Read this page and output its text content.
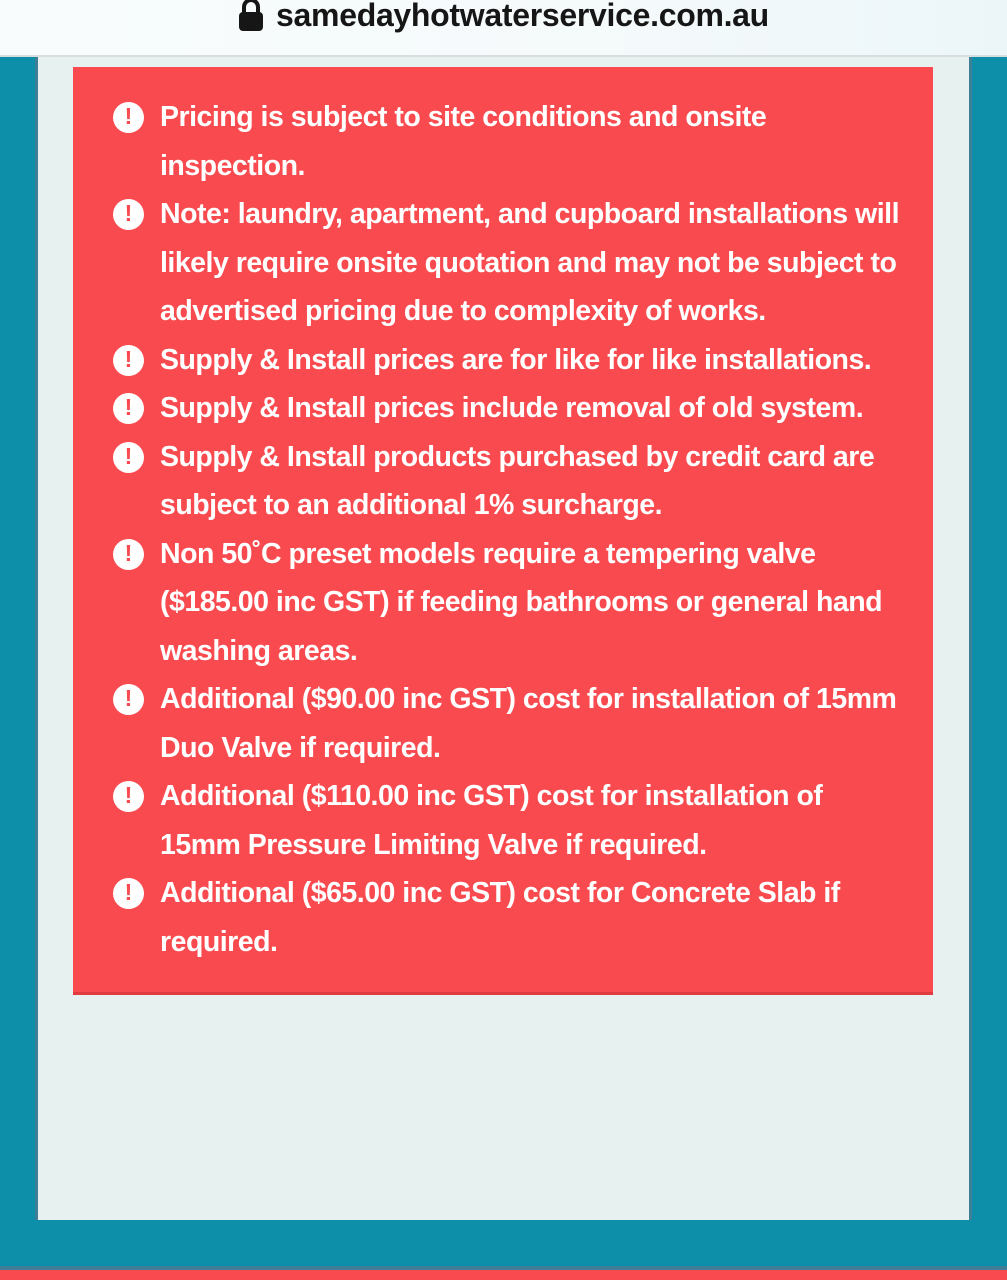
samedayhotwaterservice.com.au
!
Pricing is subject to site conditions and onsite inspection.
!
Note: laundry, apartment, and cupboard installations will likely require onsite quotation and may not be subject to advertised pricing due to complexity of works.
!
Supply & Install prices are for like for like installations.
!
Supply & Install prices include removal of old system.
!
Supply & Install products purchased by credit card are subject to an additional 1% surcharge.
!
Non 50˚C preset models require a tempering valve ($185.00 inc GST) if feeding bathrooms or general hand washing areas.
!
Additional ($90.00 inc GST) cost for installation of 15mm Duo Valve if required.
!
Additional ($110.00 inc GST) cost for installation of 15mm Pressure Limiting Valve if required.
!
Additional ($65.00 inc GST) cost for Concrete Slab if required.
